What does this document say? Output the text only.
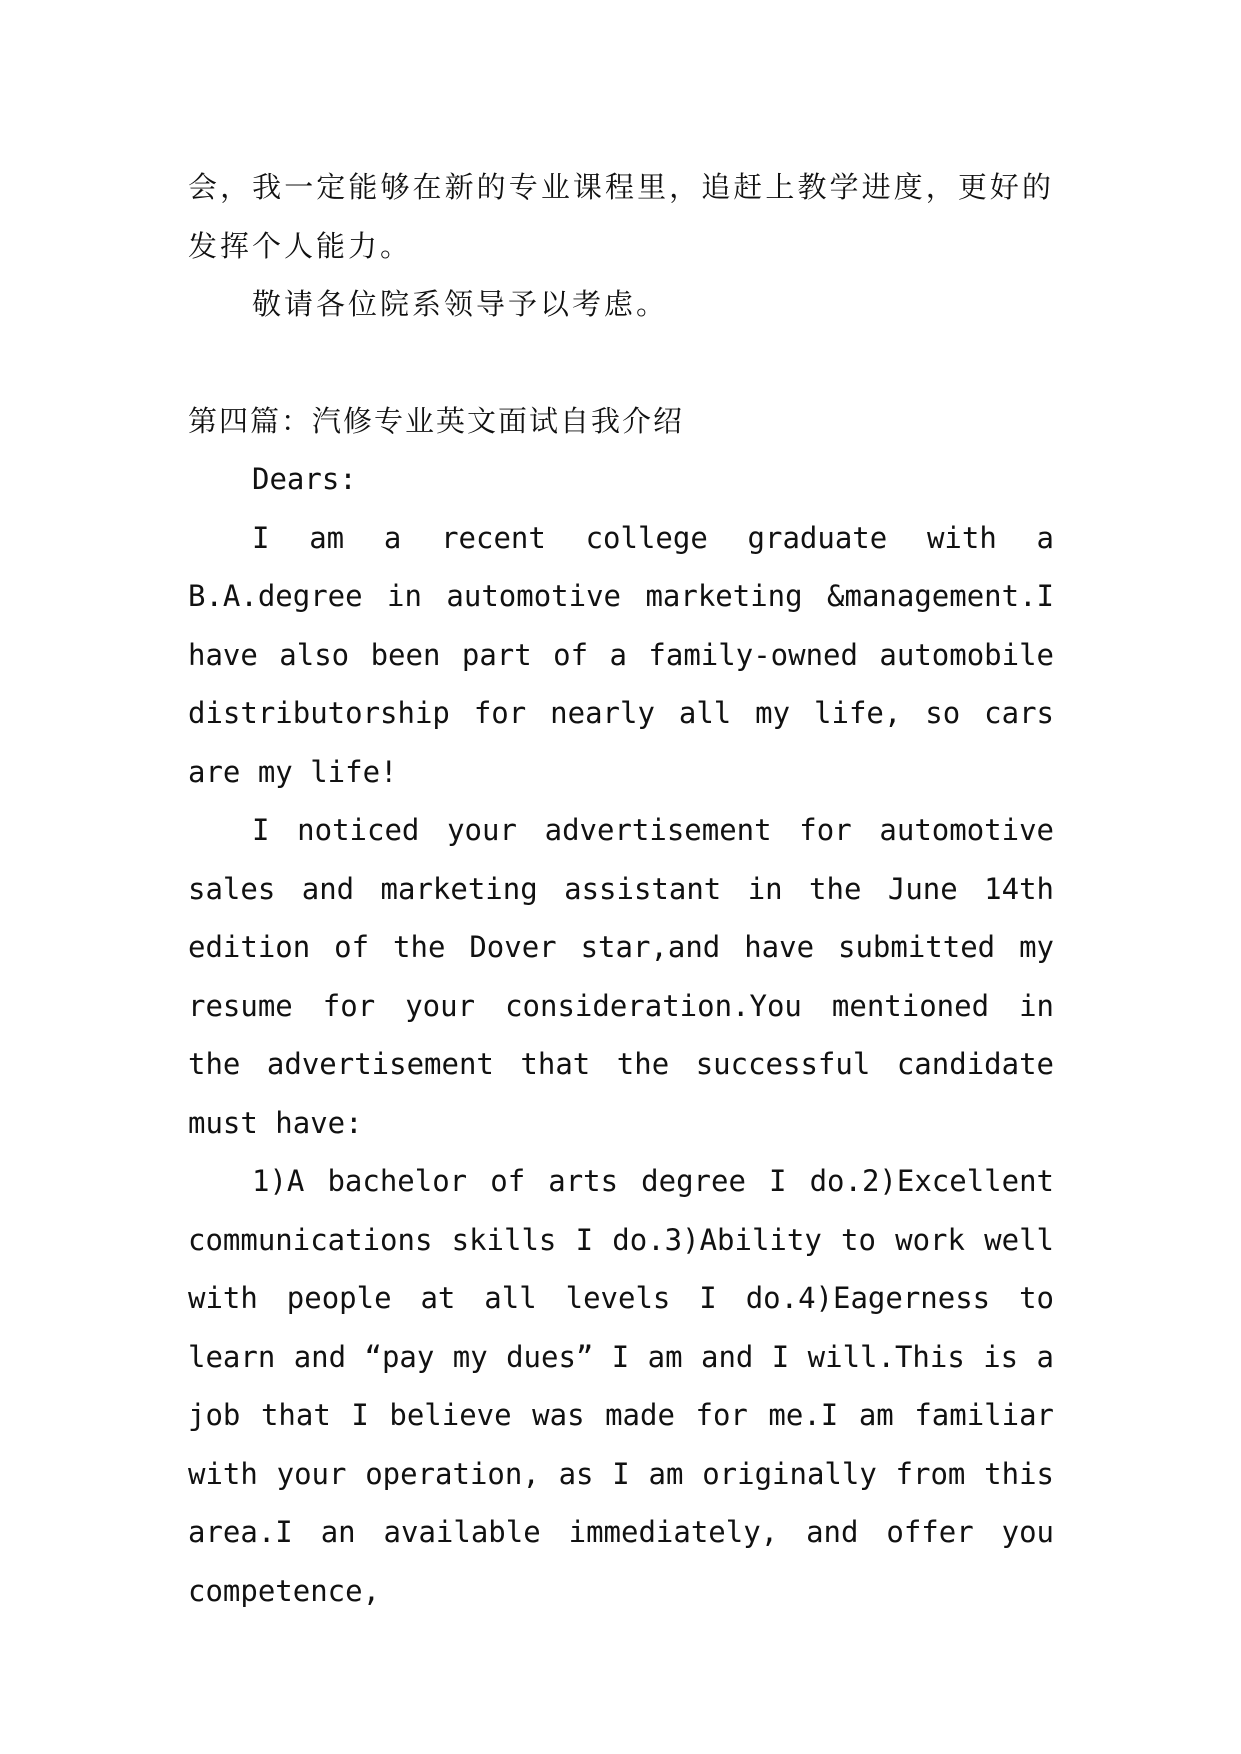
会，我一定能够在新的专业课程里，追赶上教学进度，更好的发挥个人能力。

敬请各位院系领导予以考虑。

第四篇：汽修专业英文面试自我介绍

Dears:

I am a recent college graduate with a B.A.degree in automotive marketing &management.I have also been part of a family-owned automobile distributorship for nearly all my life, so cars are my life!

I noticed your advertisement for automotive sales and marketing assistant in the June 14th edition of the Dover star,and have submitted my resume for your consideration.You mentioned in the advertisement that the successful candidate must have:

1)A bachelor of arts degree I do.2)Excellent communications skills I do.3)Ability to work well with people at all levels I do.4)Eagerness to learn and “pay my dues” I am and I will.This is a job that I believe was made for me.I am familiar with your operation, as I am originally from this area.I an available immediately, and offer you competence,
